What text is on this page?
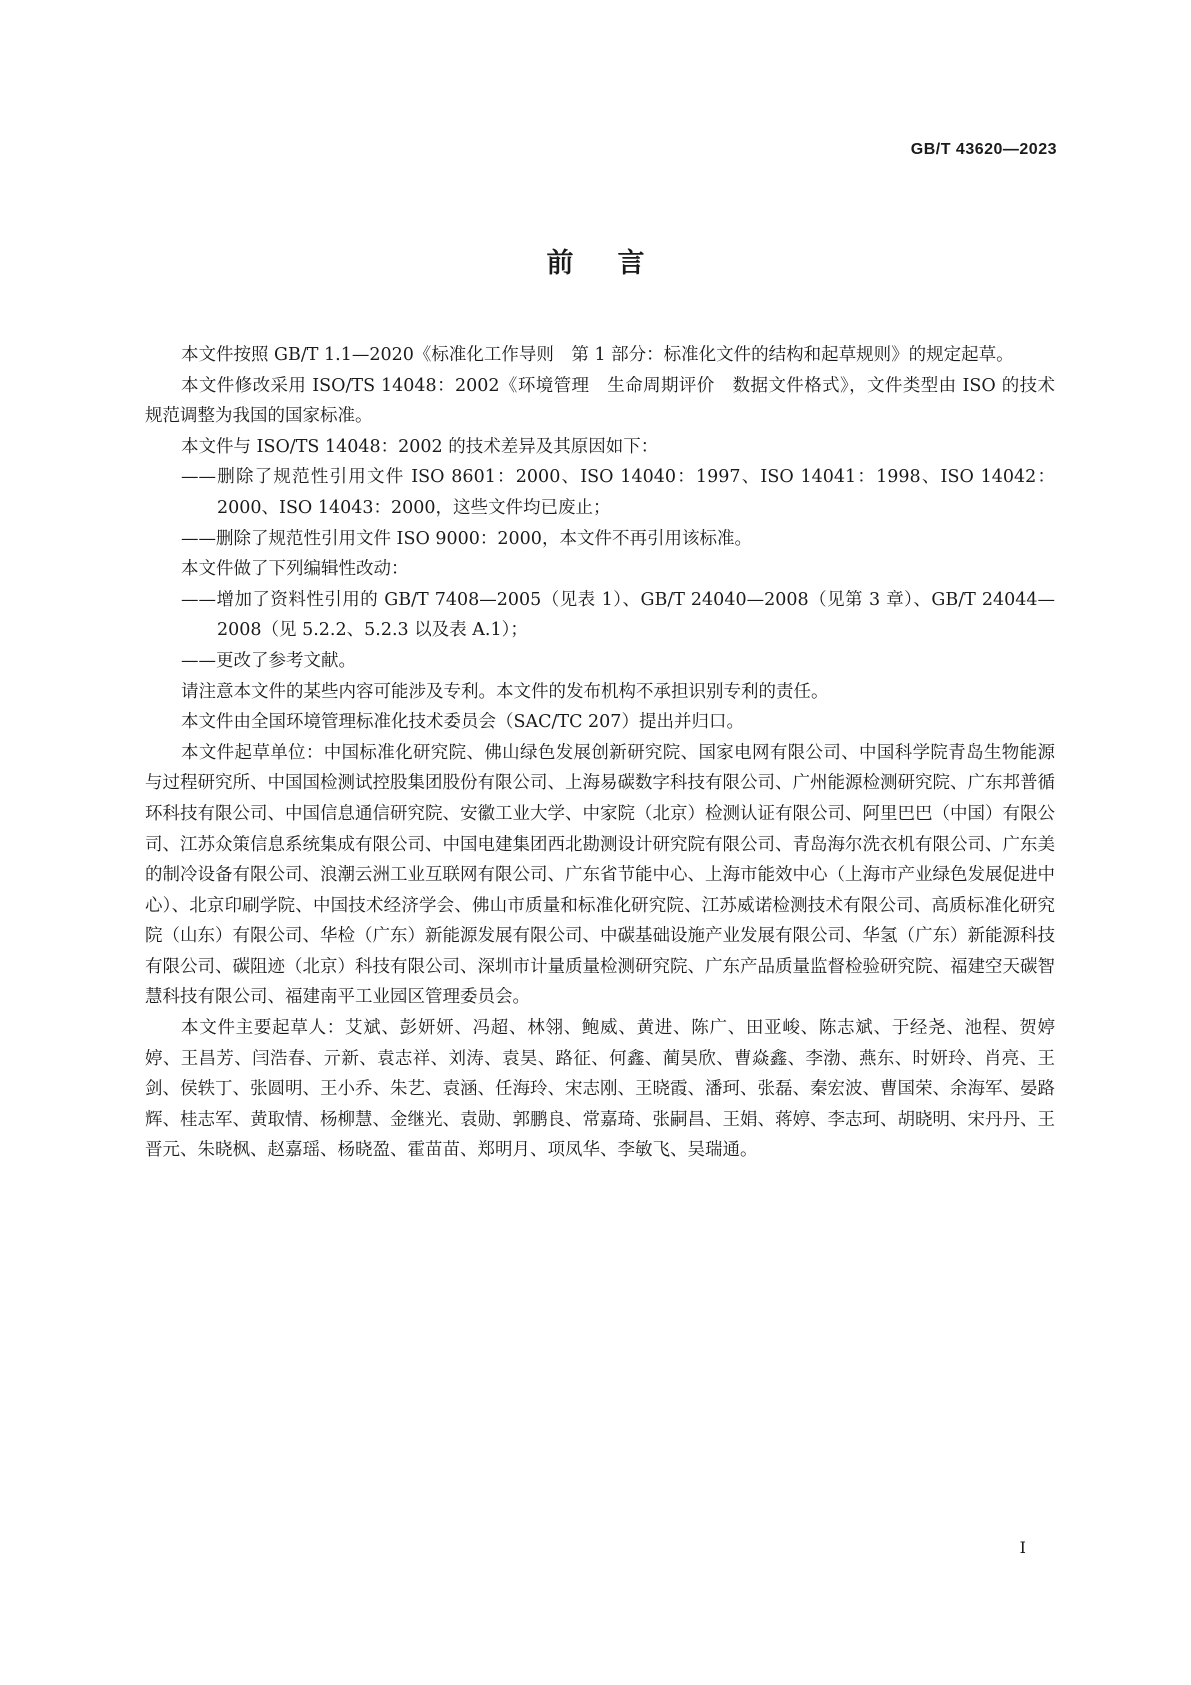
GB/T 43620—2023
前言

本文件按照 GB/T 1.1—2020《标准化工作导则　第 1 部分：标准化文件的结构和起草规则》的规定起草。

本文件修改采用 ISO/TS 14048：2002《环境管理　生命周期评价　数据文件格式》，文件类型由 ISO 的技术规范调整为我国的国家标准。

本文件与 ISO/TS 14048：2002 的技术差异及其原因如下：

——删除了规范性引用文件 ISO 8601：2000、ISO 14040：1997、ISO 14041：1998、ISO 14042：2000、ISO 14043：2000，这些文件均已废止；

——删除了规范性引用文件 ISO 9000：2000，本文件不再引用该标准。

本文件做了下列编辑性改动：

——增加了资料性引用的 GB/T 7408—2005（见表 1）、GB/T 24040—2008（见第 3 章）、GB/T 24044—2008（见 5.2.2、5.2.3 以及表 A.1）；

——更改了参考文献。

请注意本文件的某些内容可能涉及专利。本文件的发布机构不承担识别专利的责任。

本文件由全国环境管理标准化技术委员会（SAC/TC 207）提出并归口。

本文件起草单位：中国标准化研究院、佛山绿色发展创新研究院、国家电网有限公司、中国科学院青岛生物能源与过程研究所、中国国检测试控股集团股份有限公司、上海易碳数字科技有限公司、广州能源检测研究院、广东邦普循环科技有限公司、中国信息通信研究院、安徽工业大学、中家院（北京）检测认证有限公司、阿里巴巴（中国）有限公司、江苏众策信息系统集成有限公司、中国电建集团西北勘测设计研究院有限公司、青岛海尔洗衣机有限公司、广东美的制冷设备有限公司、浪潮云洲工业互联网有限公司、广东省节能中心、上海市能效中心（上海市产业绿色发展促进中心）、北京印刷学院、中国技术经济学会、佛山市质量和标准化研究院、江苏威诺检测技术有限公司、高质标准化研究院（山东）有限公司、华检（广东）新能源发展有限公司、中碳基础设施产业发展有限公司、华氢（广东）新能源科技有限公司、碳阻迹（北京）科技有限公司、深圳市计量质量检测研究院、广东产品质量监督检验研究院、福建空天碳智慧科技有限公司、福建南平工业园区管理委员会。

本文件主要起草人：艾斌、彭妍妍、冯超、林翎、鲍威、黄进、陈广、田亚峻、陈志斌、于经尧、池程、贺婷婷、王昌芳、闫浩春、亓新、袁志祥、刘涛、袁昊、路征、何鑫、蔺昊欣、曹焱鑫、李渤、燕东、时妍玲、肖亮、王剑、侯轶丁、张圆明、王小乔、朱艺、袁涵、任海玲、宋志刚、王晓霞、潘珂、张磊、秦宏波、曹国荣、余海军、晏路辉、桂志军、黄取情、杨柳慧、金继光、袁勋、郭鹏良、常嘉琦、张嗣昌、王娟、蒋婷、李志珂、胡晓明、宋丹丹、王晋元、朱晓枫、赵嘉瑶、杨晓盈、霍苗苗、郑明月、项凤华、李敏飞、吴瑞通。

I
